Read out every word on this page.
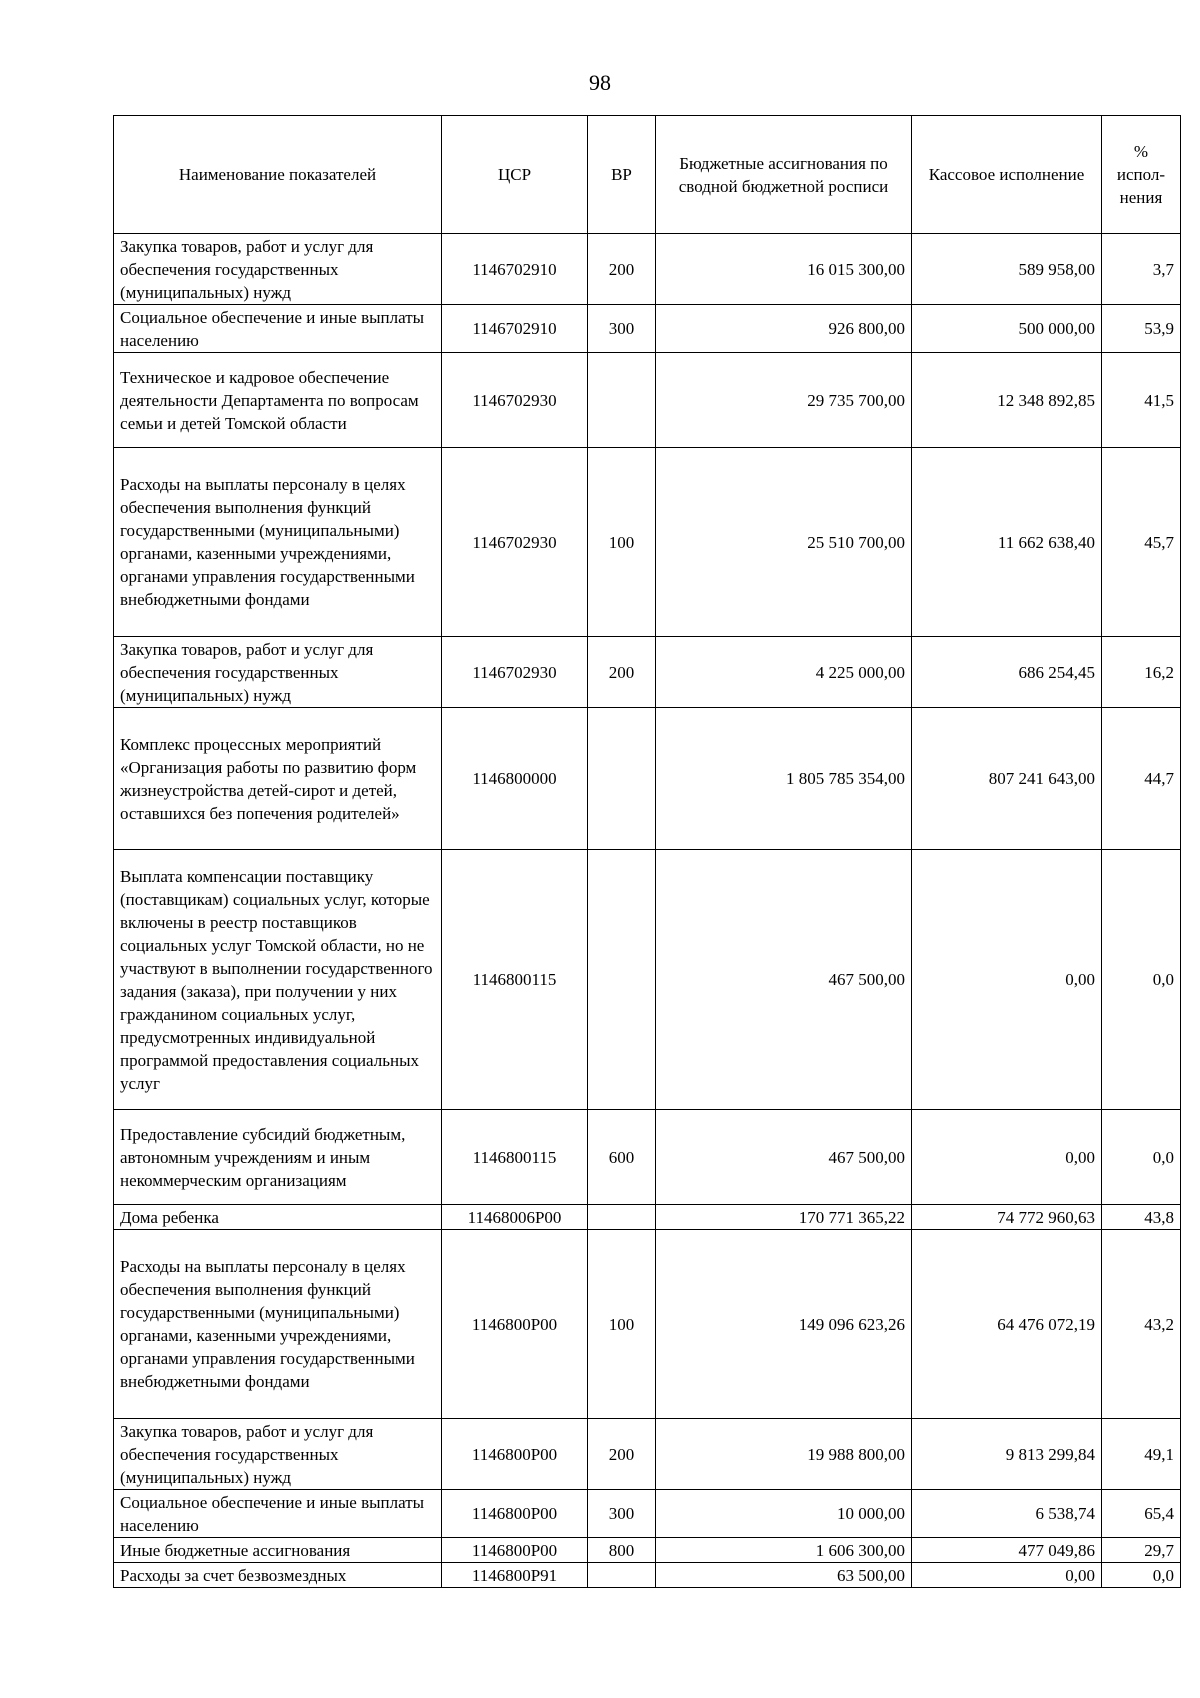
98
Наименование показателей	ЦСР	ВР	Бюджетные ассигнования по сводной бюджетной росписи	Кассовое исполнение	% испол-нения
Закупка товаров, работ и услуг для обеспечения государственных (муниципальных) нужд	1146702910	200	16 015 300,00	589 958,00	3,7
Социальное обеспечение и иные выплаты населению	1146702910	300	926 800,00	500 000,00	53,9
Техническое и кадровое обеспечение деятельности Департамента по вопросам семьи и детей Томской области	1146702930		29 735 700,00	12 348 892,85	41,5
Расходы на выплаты персоналу в целях обеспечения выполнения функций государственными (муниципальными) органами, казенными учреждениями, органами управления государственными внебюджетными фондами	1146702930	100	25 510 700,00	11 662 638,40	45,7
Закупка товаров, работ и услуг для обеспечения государственных (муниципальных) нужд	1146702930	200	4 225 000,00	686 254,45	16,2
Комплекс процессных мероприятий «Организация работы по развитию форм жизнеустройства детей-сирот и детей, оставшихся без попечения родителей»	1146800000		1 805 785 354,00	807 241 643,00	44,7
Выплата компенсации поставщику (поставщикам) социальных услуг, которые включены в реестр поставщиков социальных услуг Томской области, но не участвуют в выполнении государственного задания (заказа), при получении у них гражданином социальных услуг, предусмотренных индивидуальной программой предоставления социальных услуг	1146800115		467 500,00	0,00	0,0
Предоставление субсидий бюджетным, автономным учреждениям и иным некоммерческим организациям	1146800115	600	467 500,00	0,00	0,0
Дома ребенка	11468006Р00		170 771 365,22	74 772 960,63	43,8
Расходы на выплаты персоналу в целях обеспечения выполнения функций государственными (муниципальными) органами, казенными учреждениями, органами управления государственными внебюджетными фондами	1146800Р00	100	149 096 623,26	64 476 072,19	43,2
Закупка товаров, работ и услуг для обеспечения государственных (муниципальных) нужд	1146800Р00	200	19 988 800,00	9 813 299,84	49,1
Социальное обеспечение и иные выплаты населению	1146800Р00	300	10 000,00	6 538,74	65,4
Иные бюджетные ассигнования	1146800Р00	800	1 606 300,00	477 049,86	29,7
Расходы за счет безвозмездных	1146800Р91		63 500,00	0,00	0,0
